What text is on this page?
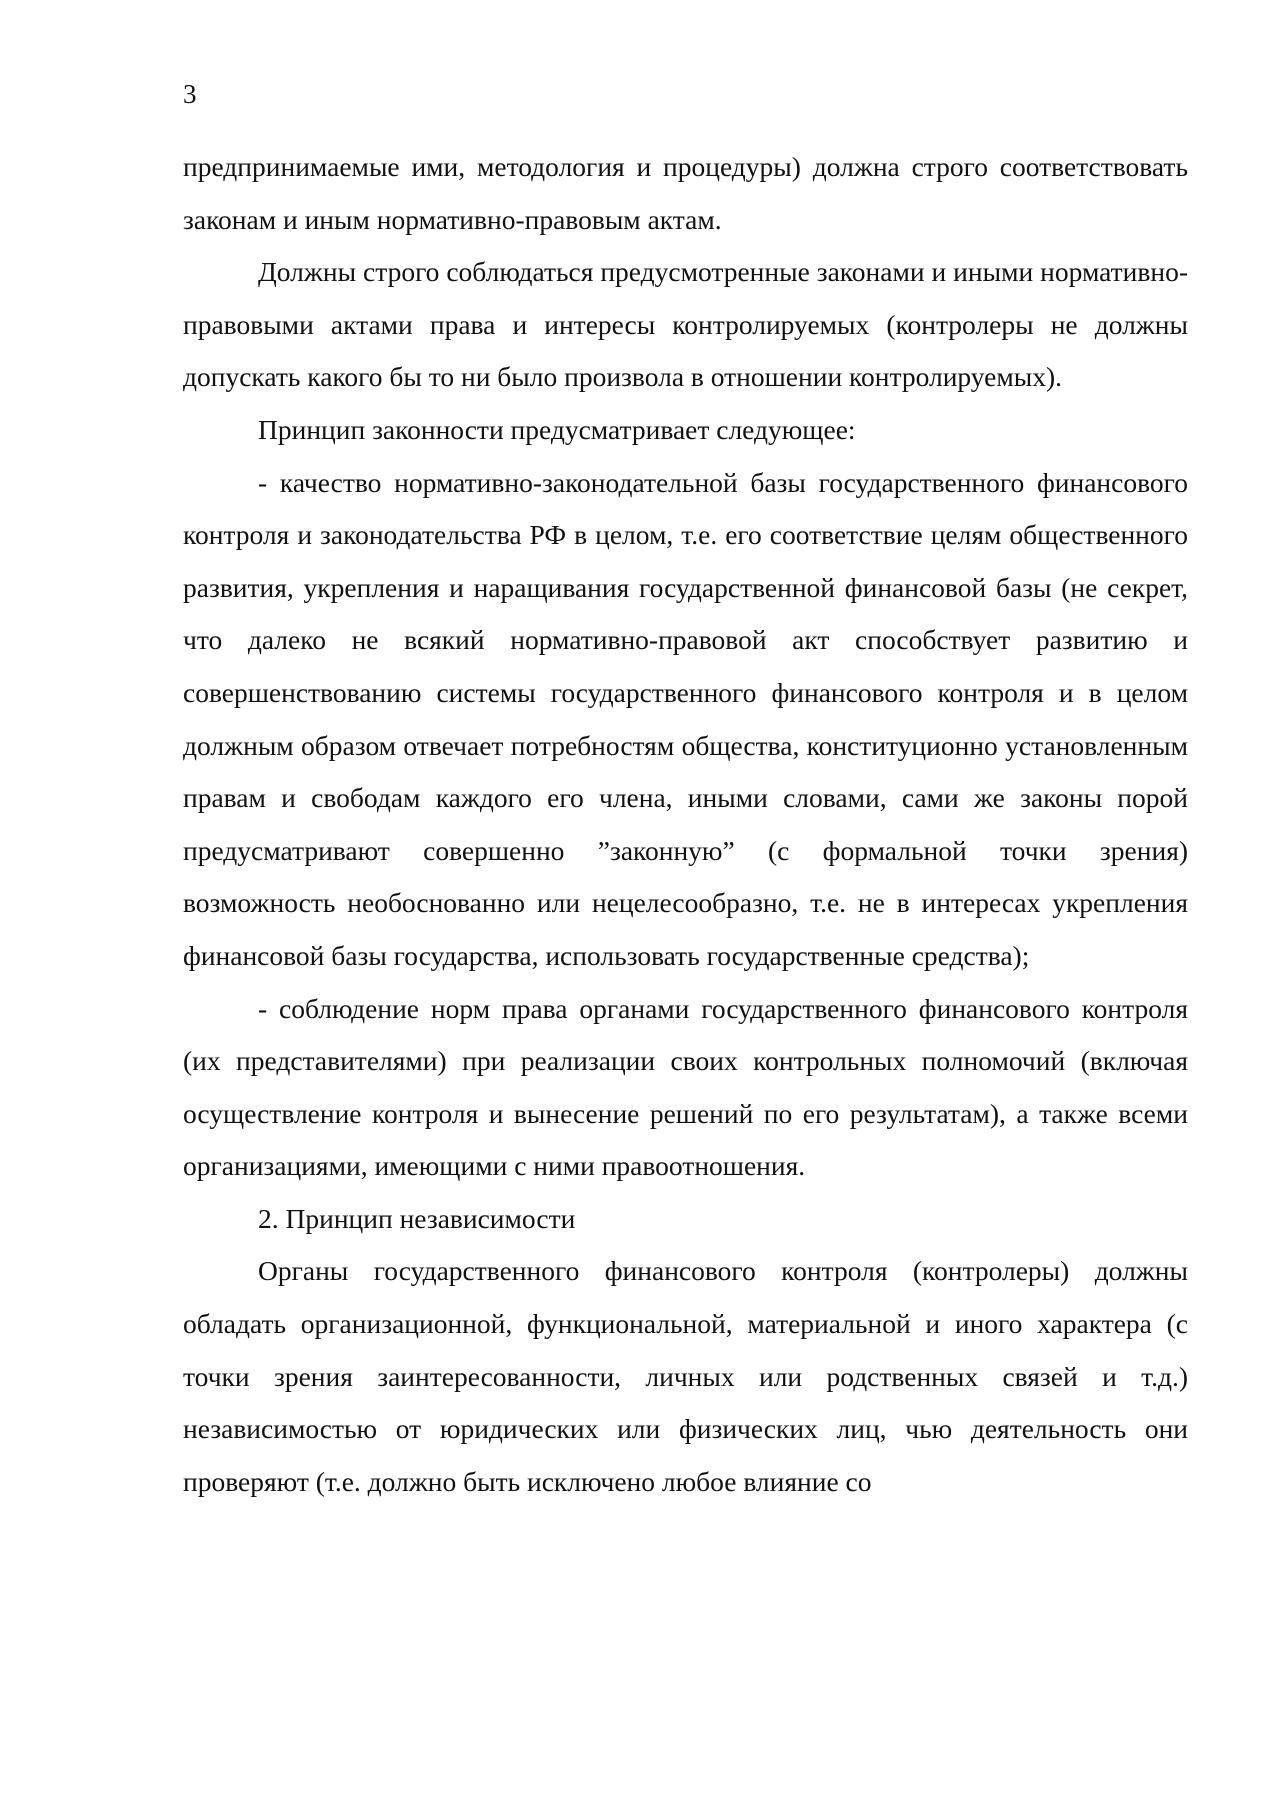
3

предпринимаемые ими, методология и процедуры) должна строго соответствовать законам и иным нормативно-правовым актам.

Должны строго соблюдаться предусмотренные законами и иными нормативно-правовыми актами права и интересы контролируемых (контролеры не должны допускать какого бы то ни было произвола в отношении контролируемых).

Принцип законности предусматривает следующее:

- качество нормативно-законодательной базы государственного финансового контроля и законодательства РФ в целом, т.е. его соответствие целям общественного развития, укрепления и наращивания государственной финансовой базы (не секрет, что далеко не всякий нормативно-правовой акт способствует развитию и совершенствованию системы государственного финансового контроля и в целом должным образом отвечает потребностям общества, конституционно установленным правам и свободам каждого его члена, иными словами, сами же законы порой предусматривают совершенно ”законную” (с формальной точки зрения) возможность необоснованно или нецелесообразно, т.е. не в интересах укрепления финансовой базы государства, использовать государственные средства);

- соблюдение норм права органами государственного финансового контроля (их представителями) при реализации своих контрольных полномочий (включая осуществление контроля и вынесение решений по его результатам), а также всеми организациями, имеющими с ними правоотношения.

2. Принцип независимости

Органы государственного финансового контроля (контролеры) должны обладать организационной, функциональной, материальной и иного характера (с точки зрения заинтересованности, личных или родственных связей и т.д.) независимостью от юридических или физических лиц, чью деятельность они проверяют (т.е. должно быть исключено любое влияние со
